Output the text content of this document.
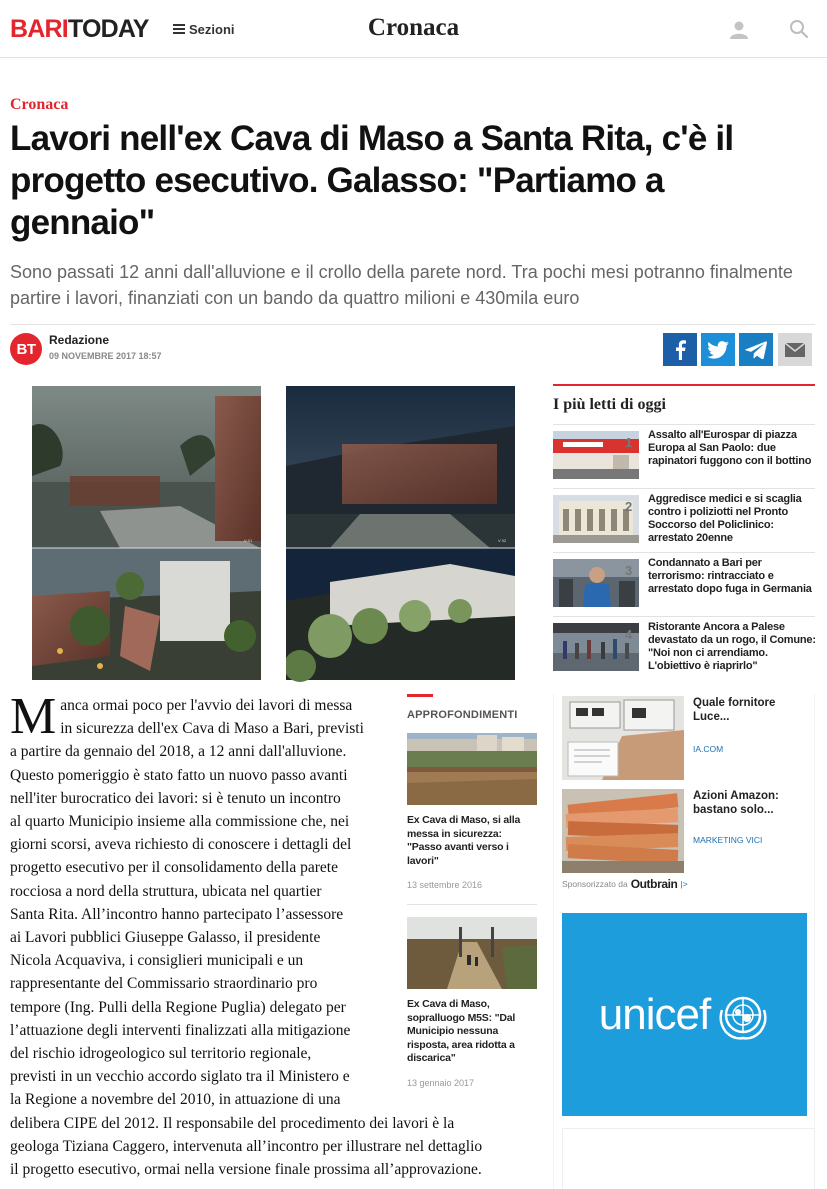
BARITODAY	Sezioni	Cronaca
Cronaca
Lavori nell'ex Cava di Maso a Santa Rita, c'è il progetto esecutivo. Galasso: "Partiamo a gennaio"

Sono passati 12 anni dall'alluvione e il crollo della parete nord. Tra pochi mesi potranno finalmente partire i lavori, finanziati con un bando da quattro milioni e 430mila euro

BT
Redazione
09 NOVEMBRE 2017 18:57
V 01	V 02
M anca ormai poco per l'avvio dei lavori di messa
in sicurezza dell'ex Cava di Maso a Bari, previsti
a partire da gennaio del 2018, a 12 anni dall'alluvione.
Questo pomeriggio è stato fatto un nuovo passo avanti
nell'iter burocratico dei lavori: si è tenuto un incontro
al quarto Municipio insieme alla commissione che, nei
giorni scorsi, aveva richiesto di conoscere i dettagli del
progetto esecutivo per il consolidamento della parete
rocciosa a nord della struttura, ubicata nel quartier
Santa Rita. All’incontro hanno partecipato l’assessore
ai Lavori pubblici Giuseppe Galasso, il presidente
Nicola Acquaviva, i consiglieri municipali e un
rappresentante del Commissario straordinario pro
tempore (Ing. Pulli della Regione Puglia) delegato per
l’attuazione degli interventi finalizzati alla mitigazione
del rischio idrogeologico sul territorio regionale,
previsti in un vecchio accordo siglato tra il Ministero e
la Regione a novembre del 2010, in attuazione di una
delibera CIPE del 2012. Il responsabile del procedimento dei lavori è la
geologa Tiziana Caggero, intervenuta all’incontro per illustrare nel dettaglio
il progetto esecutivo, ormai nella versione finale prossima all’approvazione.
APPROFONDIMENTI
Ex Cava di Maso, si alla messa in sicurezza: "Passo avanti verso i lavori"
13 settembre 2016
Ex Cava di Maso, sopralluogo M5S: "Dal Municipio nessuna risposta, area ridotta a discarica"
13 gennaio 2017
I più letti di oggi
1 Assalto all'Eurospar di piazza Europa al San Paolo: due rapinatori fuggono con il bottino
2 Aggredisce medici e si scaglia contro i poliziotti nel Pronto Soccorso del Policlinico: arrestato 20enne
3 Condannato a Bari per terrorismo: rintracciato e arrestato dopo fuga in Germania
4 Ristorante Ancora a Palese devastato da un rogo, il Comune: "Noi non ci arrendiamo. L'obiettivo è riaprirlo"
Quale fornitore Luce...
IA.COM
Azioni Amazon: bastano solo...
MARKETING VICI
Sponsorizzato da Outbrain |>
unicef
